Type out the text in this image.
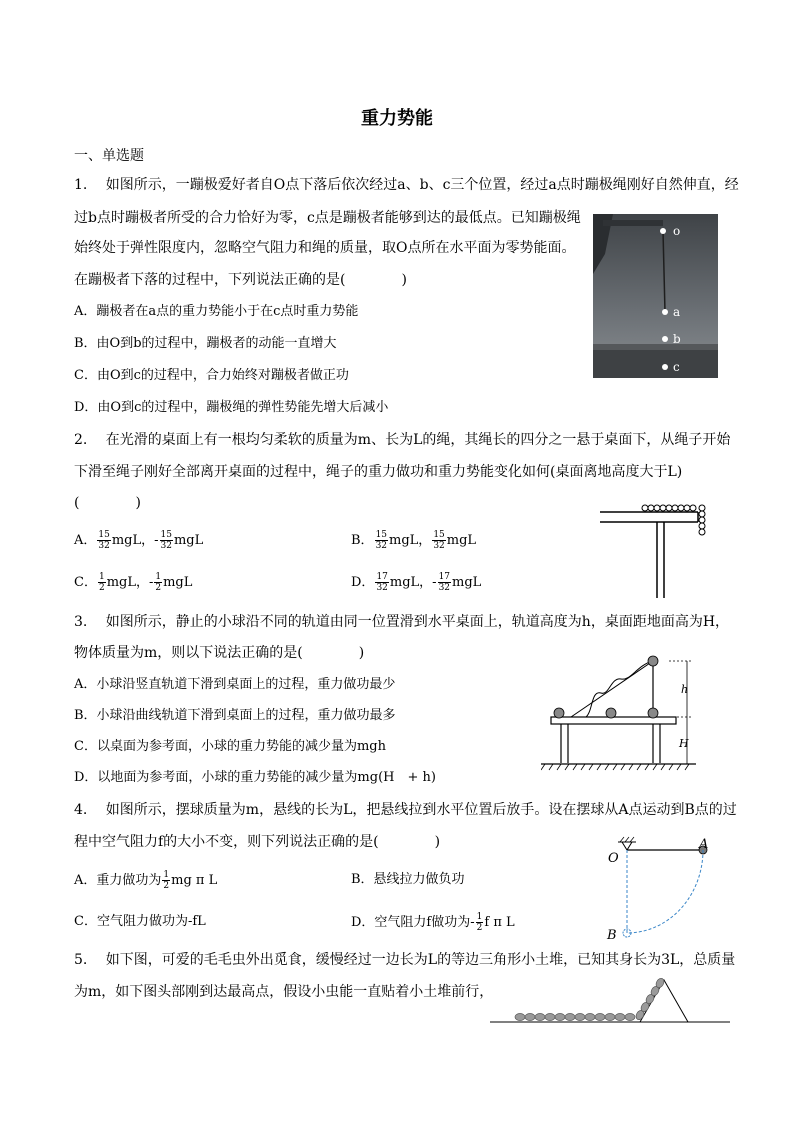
重力势能
一、单选题
1.　 如图所示，一蹦极爱好者自O点下落后依次经过a、b、c三个位置，经过a点时蹦极绳刚好自然伸直，经
过b点时蹦极者所受的合力恰好为零，c点是蹦极者能够到达的最低点。已知蹦极绳
始终处于弹性限度内，忽略空气阻力和绳的质量，取O点所在水平面为零势能面。
在蹦极者下落的过程中，下列说法正确的是(　　　　)
A．蹦极者在a点的重力势能小于在c点时重力势能
B．由O到b的过程中，蹦极者的动能一直增大
C．由O到c的过程中，合力始终对蹦极者做正功
D．由O到c的过程中，蹦极绳的弹性势能先增大后减小
o
a
b
c
2.　 在光滑的桌面上有一根均匀柔软的质量为m、长为L的绳，其绳长的四分之一悬于桌面下，从绳子开始
下滑至绳子刚好全部离开桌面的过程中，绳子的重力做功和重力势能变化如何(桌面离地高度大于L)
(　　　　)
A． $\frac{15}{32}$ mgL，- $\frac{15}{32}$ mgL	B． $\frac{15}{32}$ mgL， $\frac{15}{32}$ mgL
C． $\frac{1}{2}$ mgL，- $\frac{1}{2}$ mgL	D． $\frac{17}{32}$ mgL，- $\frac{17}{32}$ mgL
3.　 如图所示，静止的小球沿不同的轨道由同一位置滑到水平桌面上，轨道高度为h，桌面距地面高为H，
物体质量为m，则以下说法正确的是(　　　　)
A．小球沿竖直轨道下滑到桌面上的过程，重力做功最少
B．小球沿曲线轨道下滑到桌面上的过程，重力做功最多
C．以桌面为参考面，小球的重力势能的减少量为mgh
D．以地面为参考面，小球的重力势能的减少量为mg(H　+ h)
h
H
4.　 如图所示，摆球质量为m，悬线的长为L，把悬线拉到水平位置后放手。设在摆球从A点运动到B点的过
程中空气阻力f的大小不变，则下列说法正确的是(　　　　)
A．重力做功为 $\frac{1}{2}$ mg π L	B．悬线拉力做负功
C．空气阻力做功为-fL	D．空气阻力f做功为- $\frac{1}{2}$ f π L
O
A
B
5.　 如下图，可爱的毛毛虫外出觅食，缓慢经过一边长为L的等边三角形小土堆，已知其身长为3L，总质量
为m，如下图头部刚到达最高点，假设小虫能一直贴着小土堆前行，
